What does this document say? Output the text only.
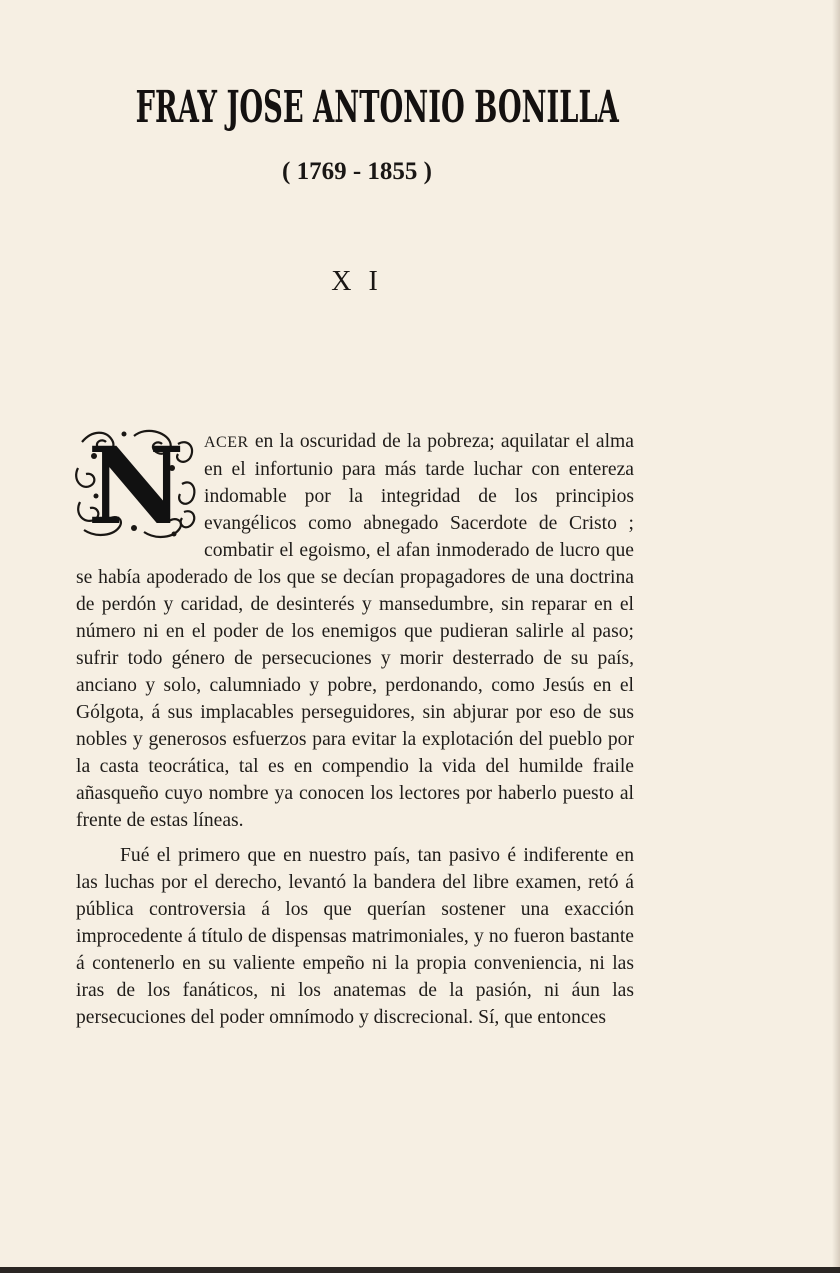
FRAY JOSE ANTONIO BONILLA
( 1769 - 1855 )
X I
N	ACER en la oscuridad de la pobreza; aquilatar el alma en el infortunio para más tarde luchar con entereza indomable por la integridad de los principios evangélicos como abnegado Sacerdote de Cristo ; combatir el egoismo, el afan inmoderado de lucro que se había apoderado de los que se decían propagadores de una doctrina de perdón y caridad, de desinterés y mansedumbre, sin reparar en el número ni en el poder de los enemigos que pudieran salirle al paso; sufrir todo género de persecuciones y morir desterrado de su país, anciano y solo, calumniado y pobre, perdonando, como Jesús en el Gólgota, á sus implacables perseguidores, sin abjurar por eso de sus nobles y generosos esfuerzos para evitar la explotación del pueblo por la casta teocrática, tal es en compendio la vida del humilde fraile añasqueño cuyo nombre ya conocen los lectores por haberlo puesto al frente de estas líneas.

Fué el primero que en nuestro país, tan pasivo é indiferente en las luchas por el derecho, levantó la bandera del libre examen, retó á pública controversia á los que querían sostener una exacción improcedente á título de dispensas matrimoniales, y no fueron bastante á contenerlo en su valiente empeño ni la propia conveniencia, ni las iras de los fanáticos, ni los anatemas de la pasión, ni áun las persecuciones del poder omnímodo y discrecional. Sí, que entonces
